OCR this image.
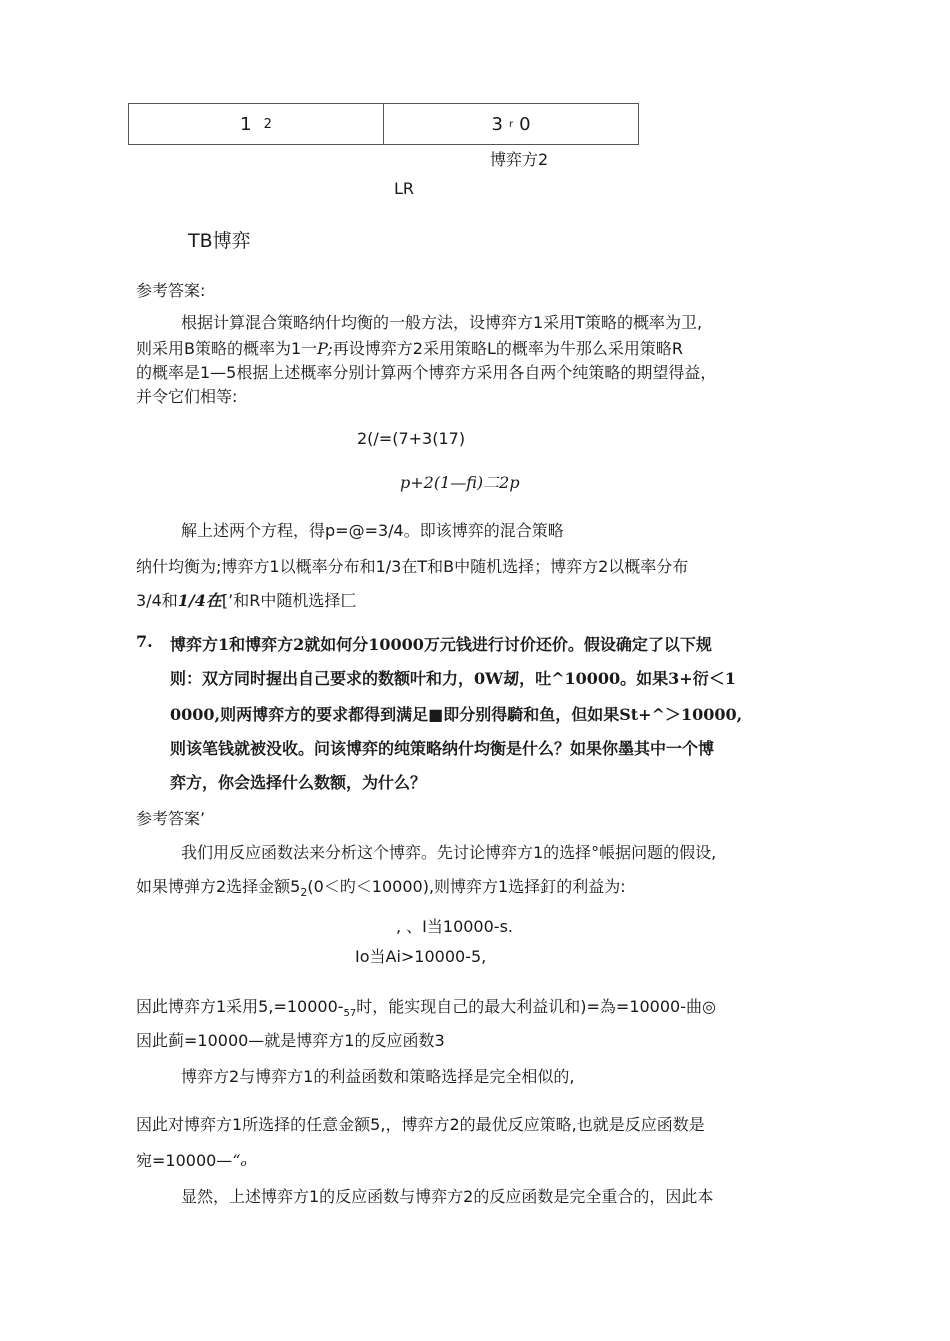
1 2	3 r 0
博弈方2
LR
TB博弈
参考答案:
根据计算混合策略纳什均衡的一般方法，设博弈方1采用T策略的概率为卫,
则采用B策略的概率为1一P;再设博弈方2采用策略L的概率为牛那么采用策略R
的概率是1—5根据上述概率分别计算两个博弈方采用各自两个纯策略的期望得益，
并令它们相等:
2(/=(7+3(17)
p+2(1—fi)二2p
解上述两个方程，得p=@=3/4。即该博弈的混合策略
纳什均衡为;博弈方1以概率分布和1/3在T和B中随机选择；博弈方2以概率分布
3/4和1/4在[’和R中随机选择匚
7. 博弈方1和博弈方2就如何分10000万元钱进行讨价还价。假设确定了以下规
则：双方同时握出自己要求的数额叶和力，0W刼，吐^10000。如果3+衍＜1
0000,则两博弈方的要求都得到满足■即分别得騎和鱼，但如果St+^＞10000,
则该笔钱就被没收。问该博弈的纯策略纳什均衡是什么？如果你墨其中一个博
弈方，你会选择什么数额，为什么？
参考答案’
我们用反应函数法来分析这个博弈。先讨论博弈方1的选择°帳据问题的假设,
如果博弹方2选择金额$5_2(0<$旳＜10000),则博弈方1选择釘的利益为:
, 、I当10000-s.
Io当Ai>10000-5,
因此博弈方1采用$5,=10000-_{57}$时，能实现自己的最大利益讥和)=為=10000-曲◎
因此蓟=10000—就是博弈方1的反应函数3
博弈方2与博弈方1的利益函数和策略选择是完全相似的,
因此对博弈方1所选择的任意金额5,，博弈方2的最优反应策略,也就是反应函数是
宛=10000—“ₒ
显然，上述博弈方1的反应函数与博弈方2的反应函数是完全重合的，因此本
